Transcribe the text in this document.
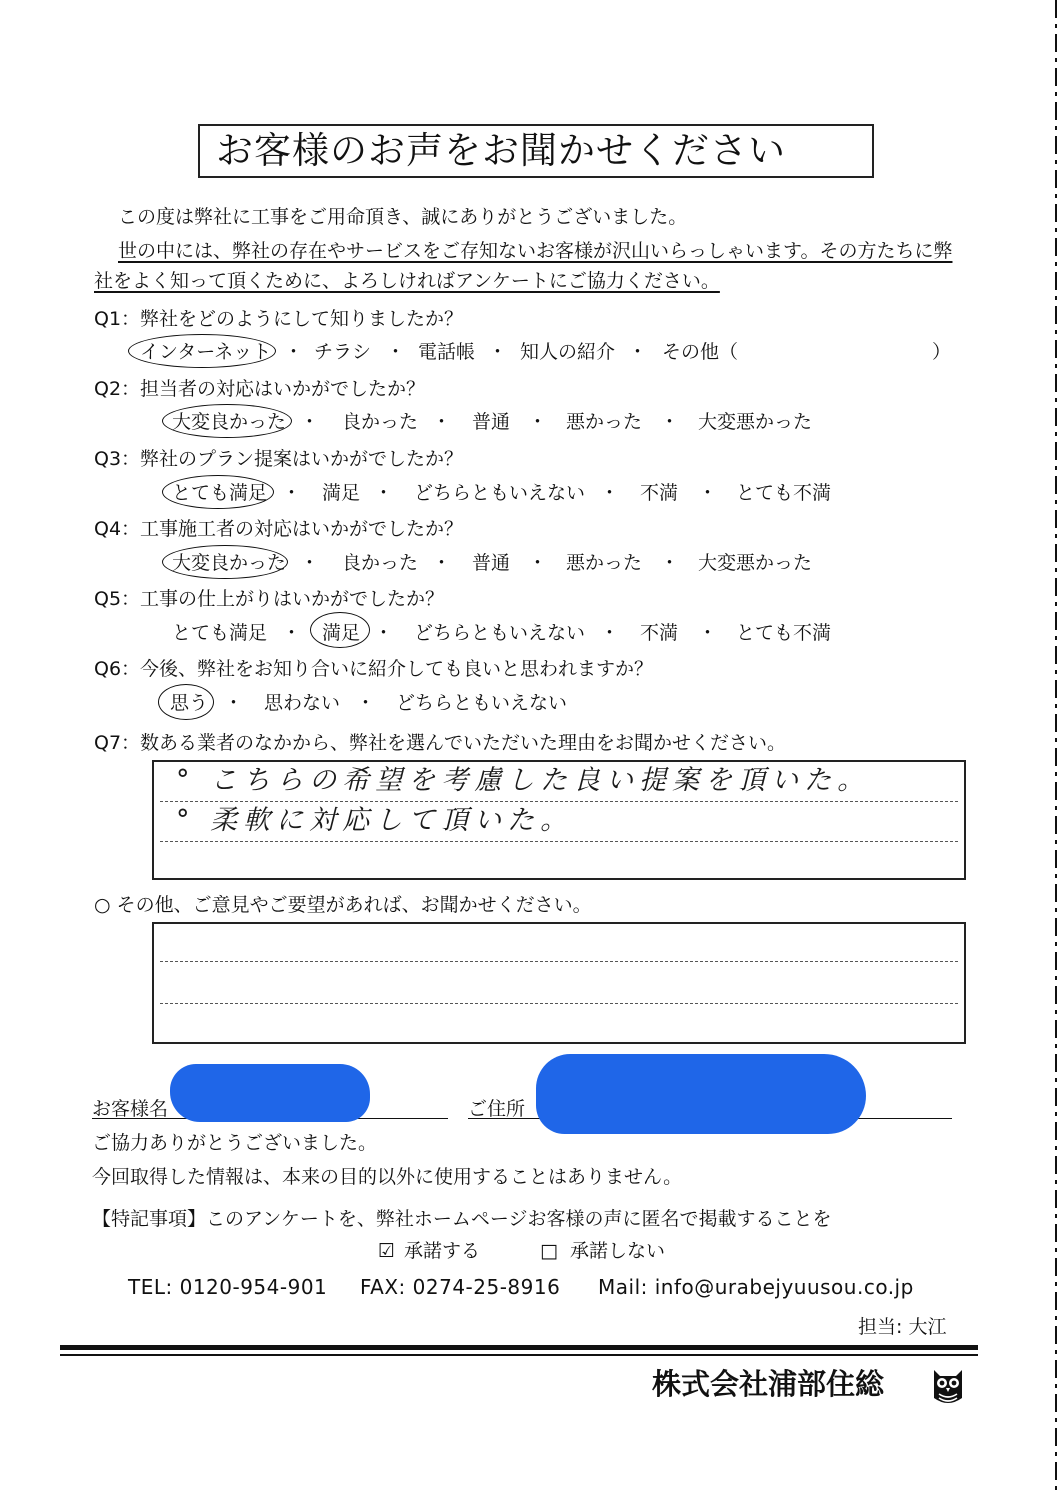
お客様のお声をお聞かせください
この度は弊社に工事をご用命頂き、誠にありがとうございました。
世の中には、弊社の存在やサービスをご存知ないお客様が沢山いらっしゃいます。その方たちに弊
社をよく知って頂くために、よろしければアンケートにご協力ください。
Q1：弊社をどのようにして知りましたか？
インターネット ・ チラシ ・ 電話帳 ・ 知人の紹介 ・ その他（	）
Q2：担当者の対応はいかがでしたか？
大変良かった ・ 良かった ・ 普通 ・ 悪かった ・ 大変悪かった
Q3：弊社のプラン提案はいかがでしたか？
とても満足 ・ 満足 ・ どちらともいえない ・ 不満 ・ とても不満
Q4：工事施工者の対応はいかがでしたか？
大変良かった ・ 良かった ・ 普通 ・ 悪かった ・ 大変悪かった
Q5：工事の仕上がりはいかがでしたか？
とても満足 ・ 満足 ・ どちらともいえない ・ 不満 ・ とても不満
Q6：今後、弊社をお知り合いに紹介しても良いと思われますか？
思う ・ 思わない ・ どちらともいえない
Q7：数ある業者のなかから、弊社を選んでいただいた理由をお聞かせください。
° こちらの希望を考慮した良い提案を頂いた。
° 柔軟に対応して頂いた。
○ その他、ご意見やご要望があれば、お聞かせください。
お客様名	ご住所
ご協力ありがとうございました。
今回取得した情報は、本来の目的以外に使用することはありません。
【特記事項】このアンケートを、弊社ホームページお客様の声に匿名で掲載することを
☑ 承諾する	□ 承諾しない
TEL: 0120-954-901 FAX: 0274-25-8916 Mail: info@urabejyuusou.co.jp
担当: 大江
株式会社浦部住総
